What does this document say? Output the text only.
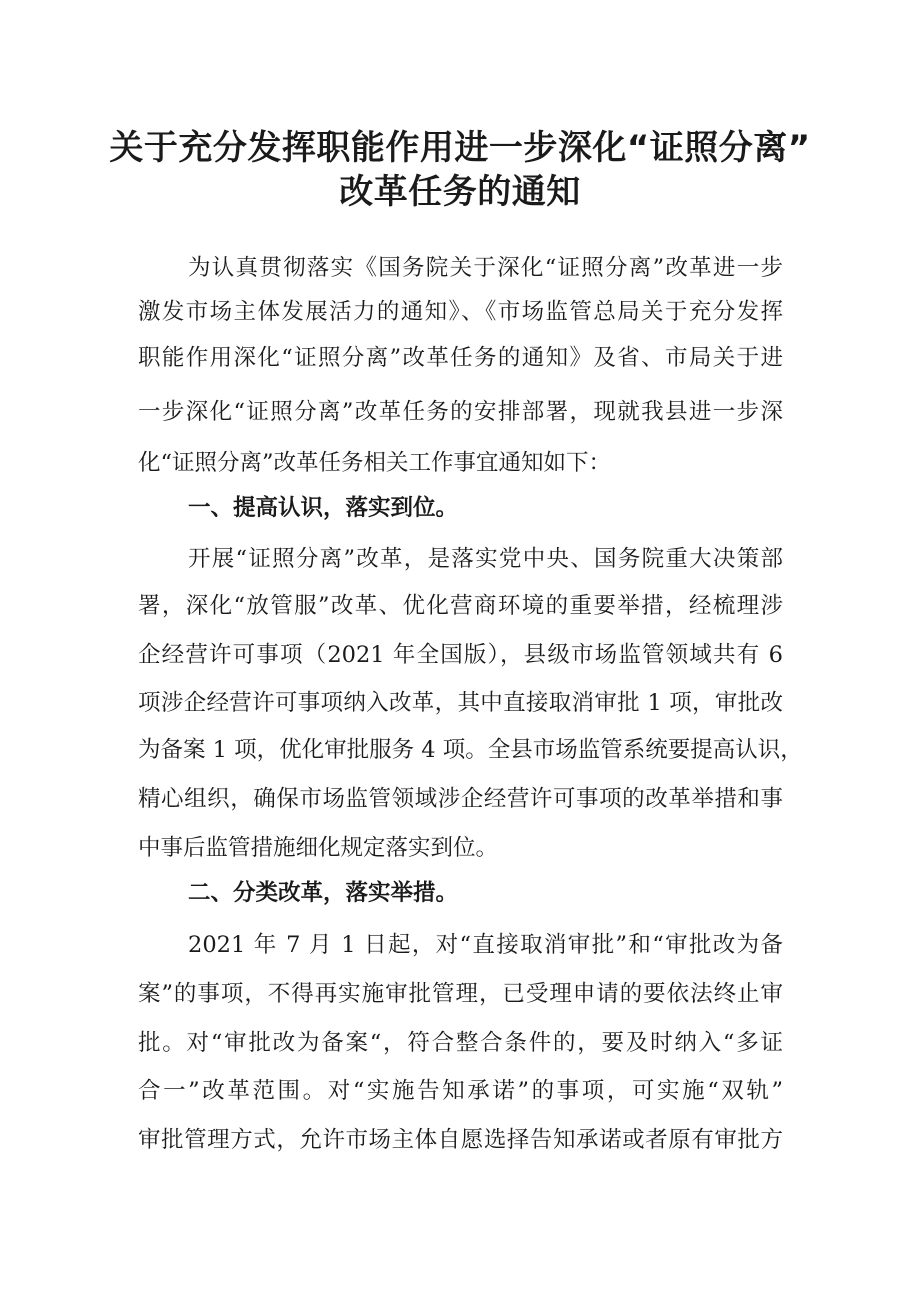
关于充分发挥职能作用进一步深化“证照分离”
改革任务的通知
为认真贯彻落实《国务院关于深化“证照分离”改革进一步
激发市场主体发展活力的通知》、《市场监管总局关于充分发挥
职能作用深化“证照分离”改革任务的通知》及省、市局关于进
一步深化“证照分离”改革任务的安排部署，现就我县进一步深
化“证照分离”改革任务相关工作事宜通知如下：
一、提高认识，落实到位。
开展“证照分离”改革，是落实党中央、国务院重大决策部
署，深化“放管服”改革、优化营商环境的重要举措，经梳理涉
企经营许可事项（2021 年全国版），县级市场监管领域共有 6
项涉企经营许可事项纳入改革，其中直接取消审批 1 项，审批改
为备案 1 项，优化审批服务 4 项。全县市场监管系统要提高认识，
精心组织，确保市场监管领域涉企经营许可事项的改革举措和事
中事后监管措施细化规定落实到位。
二、分类改革，落实举措。
2021 年 7 月 1 日起，对“直接取消审批”和“审批改为备
案”的事项，不得再实施审批管理，已受理申请的要依法终止审
批。对“审批改为备案“，符合整合条件的，要及时纳入“多证
合一”改革范围。对“实施告知承诺”的事项，可实施“双轨”
审批管理方式，允许市场主体自愿选择告知承诺或者原有审批方
